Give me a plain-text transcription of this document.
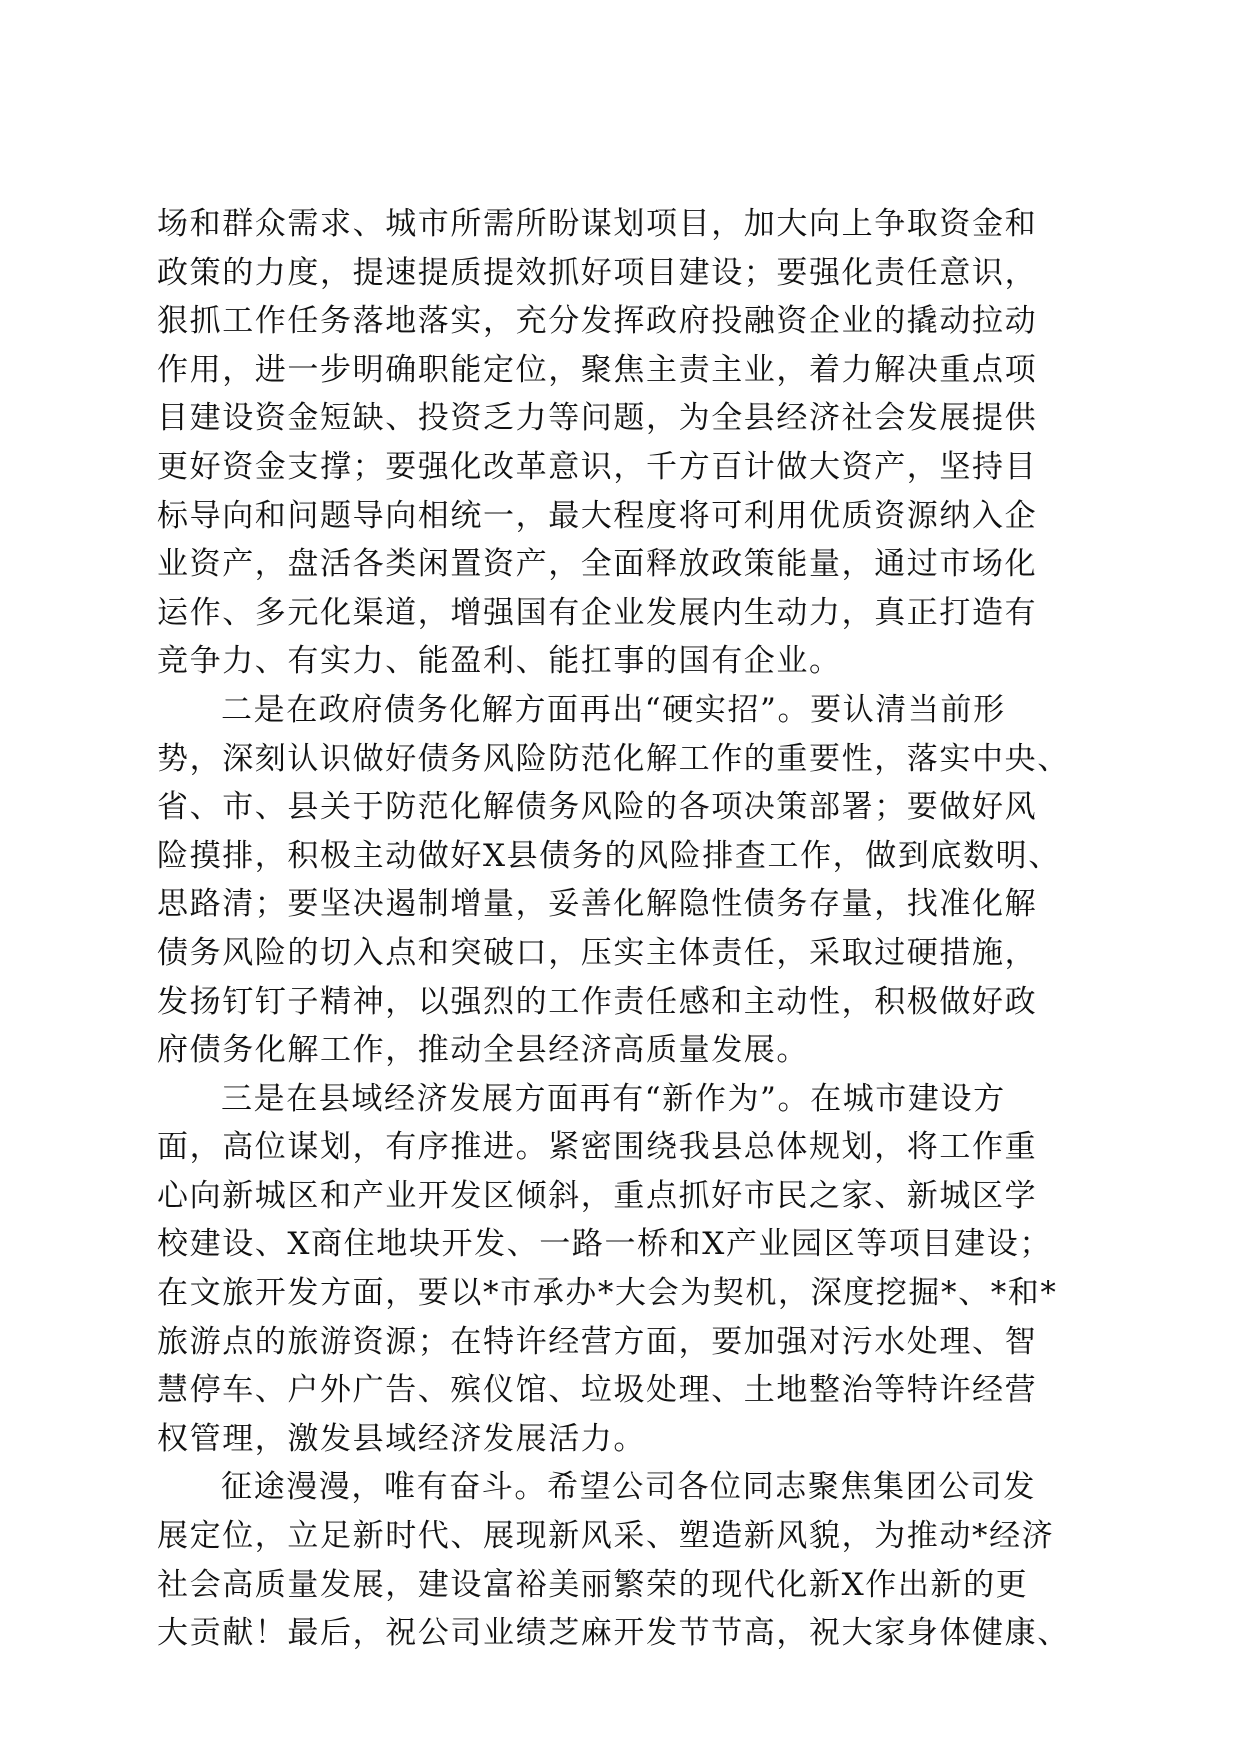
场和群众需求、城市所需所盼谋划项目，加大向上争取资金和
政策的力度，提速提质提效抓好项目建设；要强化责任意识，
狠抓工作任务落地落实，充分发挥政府投融资企业的撬动拉动
作用，进一步明确职能定位，聚焦主责主业，着力解决重点项
目建设资金短缺、投资乏力等问题，为全县经济社会发展提供
更好资金支撑；要强化改革意识，千方百计做大资产，坚持目
标导向和问题导向相统一，最大程度将可利用优质资源纳入企
业资产，盘活各类闲置资产，全面释放政策能量，通过市场化
运作、多元化渠道，增强国有企业发展内生动力，真正打造有
竞争力、有实力、能盈利、能扛事的国有企业。
二是在政府债务化解方面再出“硬实招”。要认清当前形
势，深刻认识做好债务风险防范化解工作的重要性，落实中央、
省、市、县关于防范化解债务风险的各项决策部署；要做好风
险摸排，积极主动做好X县债务的风险排查工作，做到底数明、
思路清；要坚决遏制增量，妥善化解隐性债务存量，找准化解
债务风险的切入点和突破口，压实主体责任，采取过硬措施，
发扬钉钉子精神，以强烈的工作责任感和主动性，积极做好政
府债务化解工作，推动全县经济高质量发展。
三是在县域经济发展方面再有“新作为”。在城市建设方
面，高位谋划，有序推进。紧密围绕我县总体规划，将工作重
心向新城区和产业开发区倾斜，重点抓好市民之家、新城区学
校建设、X商住地块开发、一路一桥和X产业园区等项目建设；
在文旅开发方面，要以*市承办*大会为契机，深度挖掘*、*和*
旅游点的旅游资源；在特许经营方面，要加强对污水处理、智
慧停车、户外广告、殡仪馆、垃圾处理、土地整治等特许经营
权管理，激发县域经济发展活力。
征途漫漫，唯有奋斗。希望公司各位同志聚焦集团公司发
展定位，立足新时代、展现新风采、塑造新风貌，为推动*经济
社会高质量发展，建设富裕美丽繁荣的现代化新X作出新的更
大贡献！最后，祝公司业绩芝麻开发节节高，祝大家身体健康、
